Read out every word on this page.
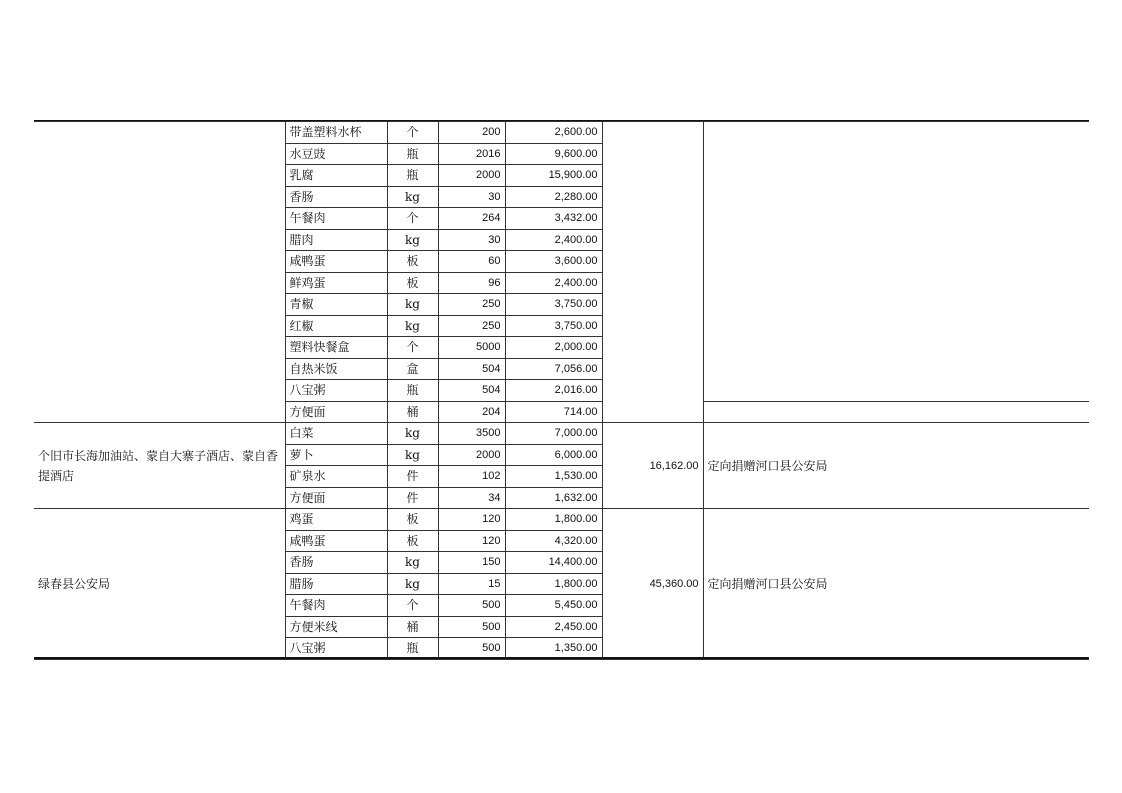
	带盖塑料水杯	个	200	2,600.00		
	水豆豉	瓶	2016	9,600.00		
	乳腐	瓶	2000	15,900.00		
	香肠	kg	30	2,280.00		
	午餐肉	个	264	3,432.00		
	腊肉	kg	30	2,400.00		
	咸鸭蛋	板	60	3,600.00		
	鲜鸡蛋	板	96	2,400.00		
	青椒	kg	250	3,750.00		
	红椒	kg	250	3,750.00		
	塑料快餐盒	个	5000	2,000.00		
	自热米饭	盒	504	7,056.00		
	八宝粥	瓶	504	2,016.00		
	方便面	桶	204	714.00		
个旧市长海加油站、蒙自大寨子酒店、蒙自香提酒店	白菜	kg	3500	7,000.00	16,162.00	定向捐赠河口县公安局
	萝卜	kg	2000	6,000.00		
	矿泉水	件	102	1,530.00		
	方便面	件	34	1,632.00		
绿春县公安局	鸡蛋	板	120	1,800.00	45,360.00	定向捐赠河口县公安局
	咸鸭蛋	板	120	4,320.00		
	香肠	kg	150	14,400.00		
	腊肠	kg	15	1,800.00		
	午餐肉	个	500	5,450.00		
	方便米线	桶	500	2,450.00		
	八宝粥	瓶	500	1,350.00		
